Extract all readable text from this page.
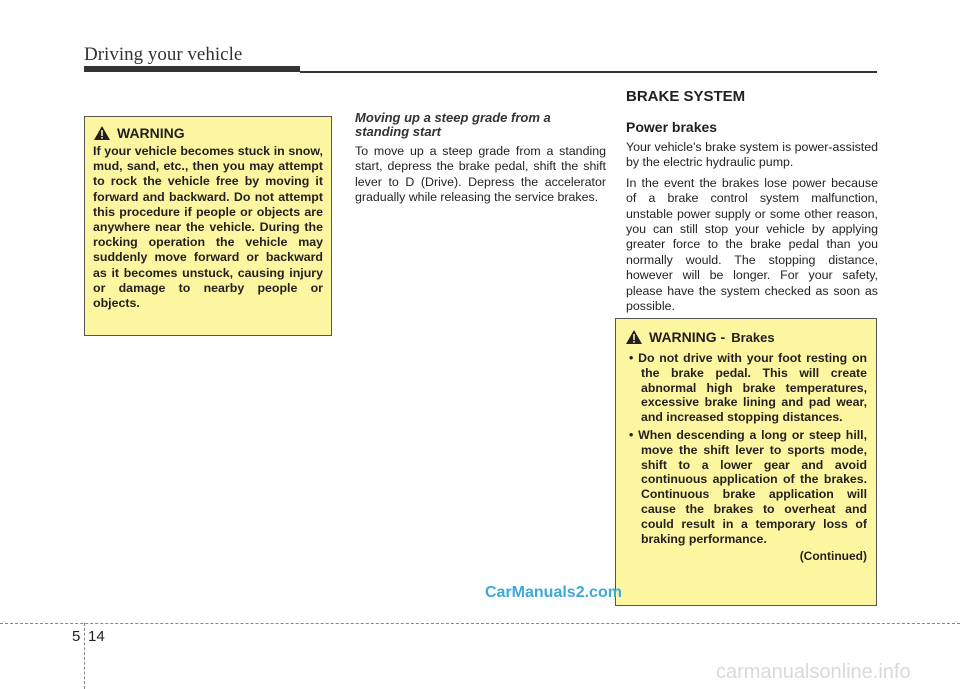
Driving your vehicle
WARNING
If your vehicle becomes stuck in snow, mud, sand, etc., then you may attempt to rock the vehicle free by moving it forward and backward. Do not attempt this procedure if people or objects are anywhere near the vehicle. During the rocking operation the vehicle may suddenly move forward or backward as it becomes unstuck, causing injury or damage to nearby people or objects.
Moving up a steep grade from a standing start
To move up a steep grade from a standing start, depress the brake pedal, shift the shift lever to D (Drive). Depress the accelerator gradually while releasing the service brakes.
BRAKE SYSTEM
Power brakes
Your vehicle's brake system is power-assisted by the electric hydraulic pump.
In the event the brakes lose power because of a brake control system malfunction, unstable power supply or some other reason, you can still stop your vehicle by applying greater force to the brake pedal than you normally would. The stopping distance, however will be longer. For your safety, please have the system checked as soon as possible.
WARNING - Brakes
• Do not drive with your foot resting on the brake pedal. This will create abnormal high brake temperatures, excessive brake lining and pad wear, and increased stopping distances.
• When descending a long or steep hill, move the shift lever to sports mode, shift to a lower gear and avoid continuous application of the brakes. Continuous brake application will cause the brakes to overheat and could result in a temporary loss of braking performance.
(Continued)
CarManuals2.com
5 14
carmanualsonline.info
